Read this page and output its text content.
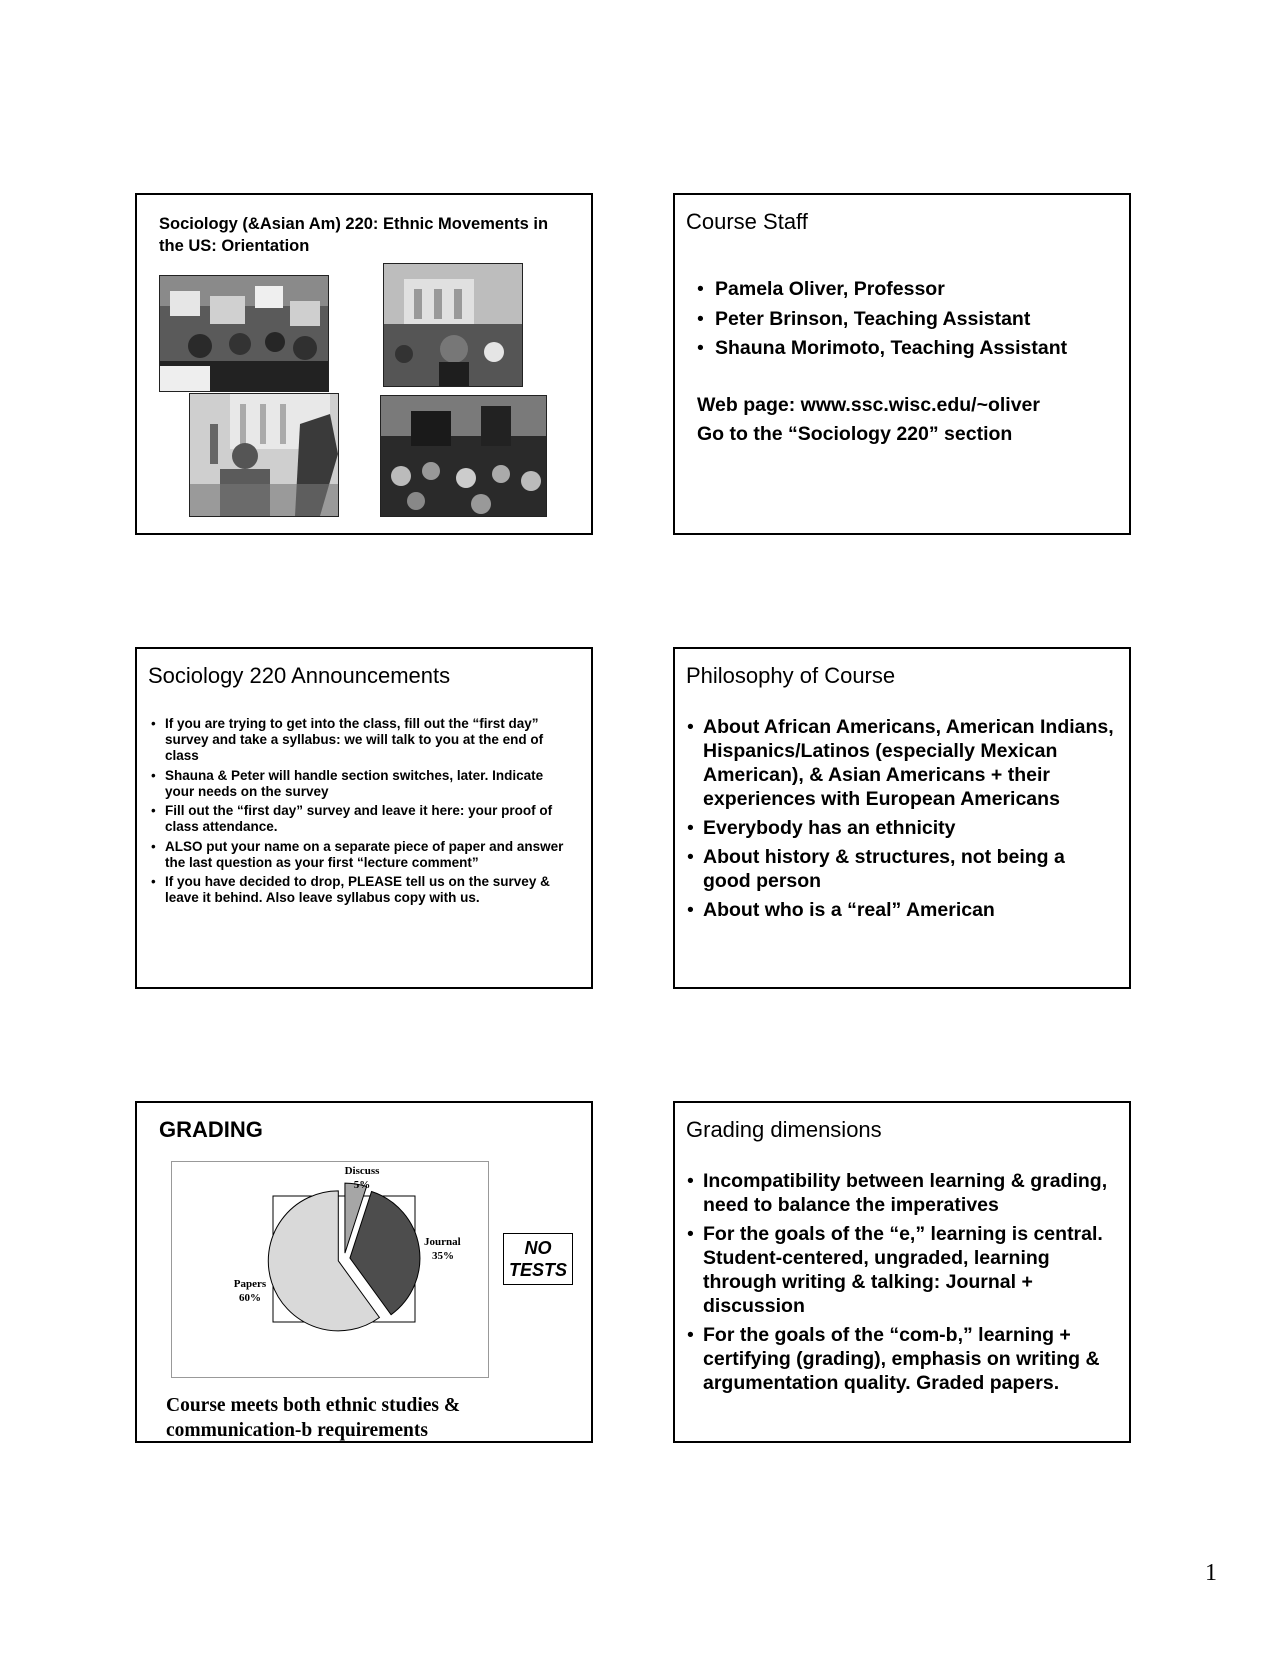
Sociology (&Asian Am) 220: Ethnic Movements in the US: Orientation
Course Staff
• Pamela Oliver, Professor
• Peter Brinson, Teaching Assistant
• Shauna Morimoto, Teaching Assistant
Web page: www.ssc.wisc.edu/~oliver
Go to the “Sociology 220” section
Sociology 220 Announcements
• If you are trying to get into the class, fill out the “first day” survey and take a syllabus: we will talk to you at the end of class
• Shauna & Peter will handle section switches, later. Indicate your needs on the survey
• Fill out the “first day” survey and leave it here: your proof of class attendance.
• ALSO put your name on a separate piece of paper and answer the last question as your first “lecture comment”
• If you have decided to drop, PLEASE tell us on the survey & leave it behind. Also leave syllabus copy with us.
Philosophy of Course
• About African Americans, American Indians, Hispanics/Latinos (especially Mexican American), & Asian Americans + their experiences with European Americans
• Everybody has an ethnicity
• About history & structures, not being a good person
• About who is a “real” American
GRADING
Discuss
5%
Journal
35%
Papers
60%
NO
TESTS
Course meets both ethnic studies &
communication-b requirements
Grading dimensions
• Incompatibility between learning & grading, need to balance the imperatives
• For the goals of the “e,” learning is central. Student-centered, ungraded, learning through writing & talking: Journal + discussion
• For the goals of the “com-b,” learning + certifying (grading), emphasis on writing & argumentation quality. Graded papers.
1
